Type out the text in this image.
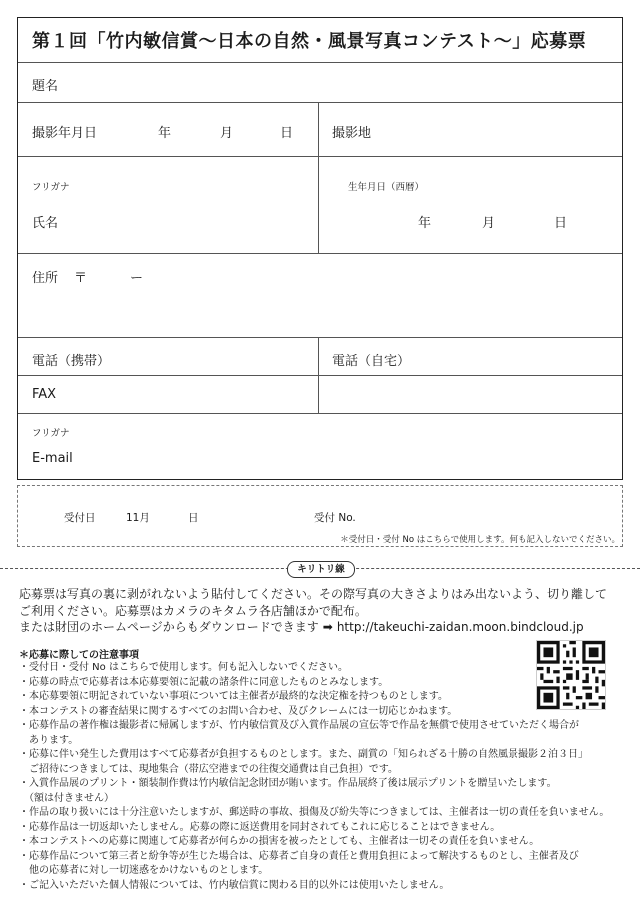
第１回「竹内敏信賞〜日本の自然・風景写真コンテスト〜」応募票
題名
撮影年月日	年	月	日	撮影地
フリガナ
氏名
生年月日（西暦）
年	月	日
住所 〒	ー
電話（携帯）	電話（自宅）
FAX
フリガナ
E-mail
受付日	11月	日	受付 No.
＊受付日・受付 No はこちらで使用します。何も記入しないでください。
キリトリ線
応募票は写真の裏に剥がれないよう貼付してください。その際写真の大きさよりはみ出ないよう、切り離して
ご利用ください。応募票はカメラのキタムラ各店舗ほかで配布。
または財団のホームページからもダウンロードできます ➡ http://takeuchi-zaidan.moon.bindcloud.jp
＊応募に際しての注意事項
・受付日・受付 No はこちらで使用します。何も記入しないでください。
・応募の時点で応募者は本応募要領に記載の諸条件に同意したものとみなします。
・本応募要領に明記されていない事項については主催者が最終的な決定権を持つものとします。
・本コンテストの審査結果に関するすべてのお問い合わせ、及びクレームには一切応じかねます。
・応募作品の著作権は撮影者に帰属しますが、竹内敏信賞及び入賞作品展の宣伝等で作品を無償で使用させていただく場合が
　あります。
・応募に伴い発生した費用はすべて応募者が負担するものとします。また、副賞の「知られざる十勝の自然風景撮影２泊３日」
　ご招待につきましては、現地集合（帯広空港までの往復交通費は自己負担）です。
・入賞作品展のプリント・額装制作費は竹内敏信記念財団が賄います。作品展終了後は展示プリントを贈呈いたします。
　（額は付きません）
・作品の取り扱いには十分注意いたしますが、郵送時の事故、損傷及び紛失等につきましては、主催者は一切の責任を負いません。
・応募作品は一切返却いたしません。応募の際に返送費用を同封されてもこれに応じることはできません。
・本コンテストへの応募に関連して応募者が何らかの損害を被ったとしても、主催者は一切その責任を負いません。
・応募作品について第三者と紛争等が生じた場合は、応募者ご自身の責任と費用負担によって解決するものとし、主催者及び
　他の応募者に対し一切迷惑をかけないものとします。
・ご記入いただいた個人情報については、竹内敏信賞に関わる目的以外には使用いたしません。
